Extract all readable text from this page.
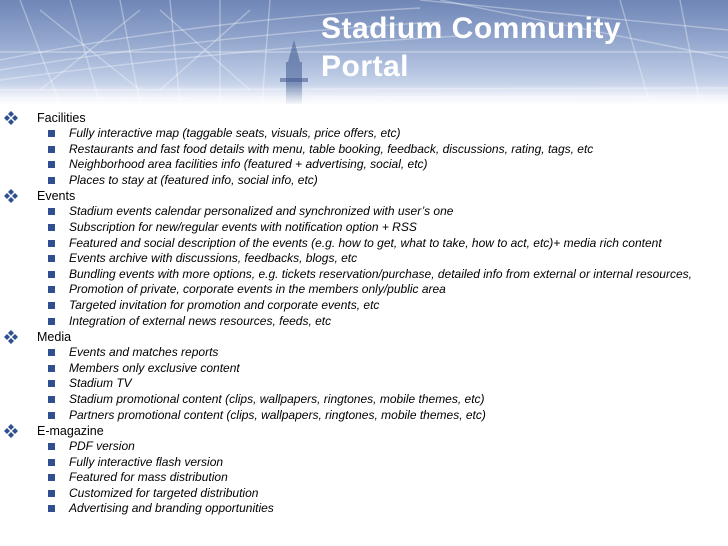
Stadium Community
Portal
Facilities
Fully interactive map (taggable seats, visuals, price offers, etc)
Restaurants and fast food details with menu, table booking, feedback, discussions, rating, tags, etc
Neighborhood area facilities info (featured + advertising, social, etc)
Places to stay at (featured info, social info, etc)
Events
Stadium events calendar personalized and synchronized with user’s one
Subscription for new/regular events with notification option + RSS
Featured and social description of the events (e.g. how to get, what to take, how to act, etc)+ media rich content
Events archive with discussions, feedbacks, blogs, etc
Bundling events with more options, e.g. tickets reservation/purchase, detailed info from external or internal resources,
Promotion of private, corporate events in the members only/public area
Targeted invitation for promotion and corporate events, etc
Integration of external news resources, feeds, etc
Media
Events and matches reports
Members only exclusive content
Stadium TV
Stadium promotional content (clips, wallpapers, ringtones, mobile themes, etc)
Partners promotional content (clips, wallpapers, ringtones, mobile themes, etc)
E-magazine
PDF version
Fully interactive flash version
Featured for mass distribution
Customized for targeted distribution
Advertising and branding opportunities
